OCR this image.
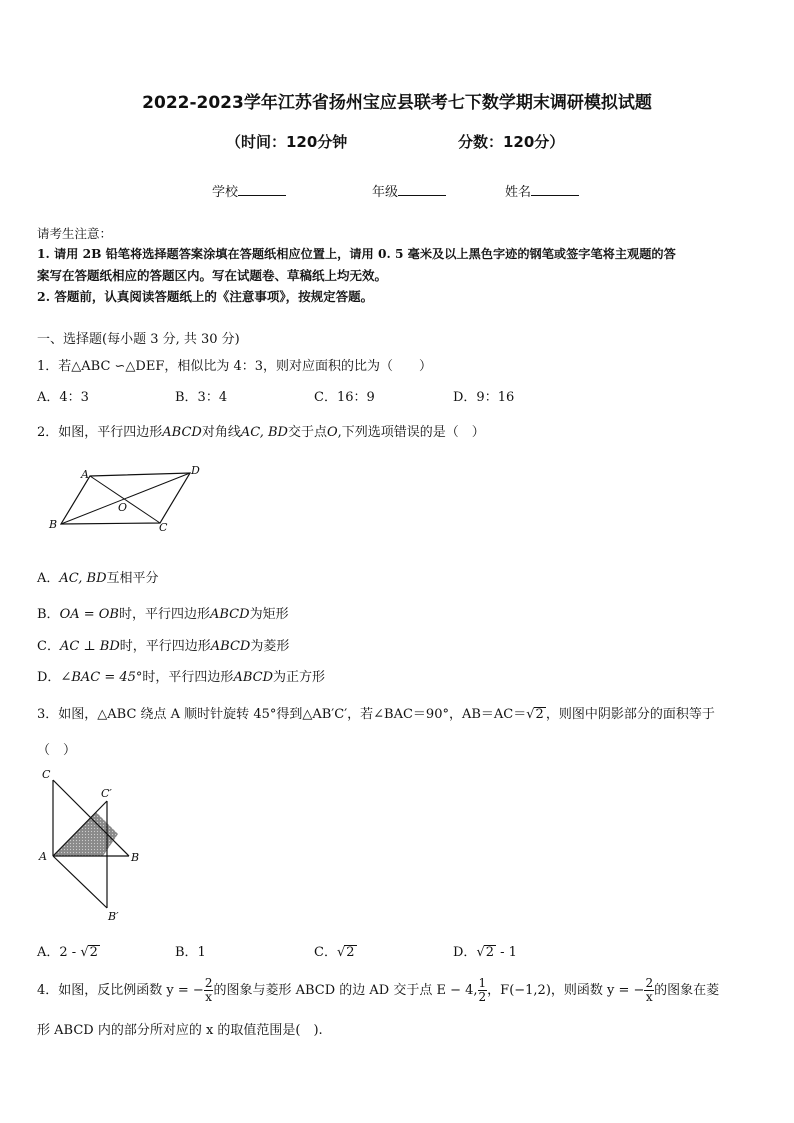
2022-2023学年江苏省扬州宝应县联考七下数学期末调研模拟试题
（时间：120分钟	分数：120分）
学校	年级	姓名
请考生注意：
1. 请用 2B 铅笔将选择题答案涂填在答题纸相应位置上，请用 0. 5 毫米及以上黑色字迹的钢笔或签字笔将主观题的答
案写在答题纸相应的答题区内。写在试题卷、草稿纸上均无效。
2. 答题前，认真阅读答题纸上的《注意事项》，按规定答题。
一、选择题(每小题 3 分, 共 30 分)
1．若△ABC ∽△DEF，相似比为 4：3，则对应面积的比为（　　）
A．4：3	B．3：4	C．16：9	D．9：16
2．如图，平行四边形ABCD对角线AC, BD交于点O,下列选项错误的是（　）
A	D
O
B	C
A．AC, BD互相平分
B．OA = OB时，平行四边形ABCD为矩形
C．AC ⊥ BD时，平行四边形ABCD为菱形
D．∠BAC = 45°时，平行四边形ABCD为正方形
3．如图，△ABC 绕点 A 顺时针旋转 45°得到△AB′C′，若∠BAC＝90°，AB＝AC＝√2 ，则图中阴影部分的面积等于
（　）
C
C′
A	B
B′
A．2 - √2	B．1	C．√2	D．√2 - 1
4．如图，反比例函数 y = − $\frac{2}{x}$ 的图象与菱形 ABCD 的边 AD 交于点 E − 4, $\frac{1}{2}$ ，F(−1,2)，则函数 y = − $\frac{2}{x}$ 的图象在菱
形 ABCD 内的部分所对应的 x 的取值范围是(　).
